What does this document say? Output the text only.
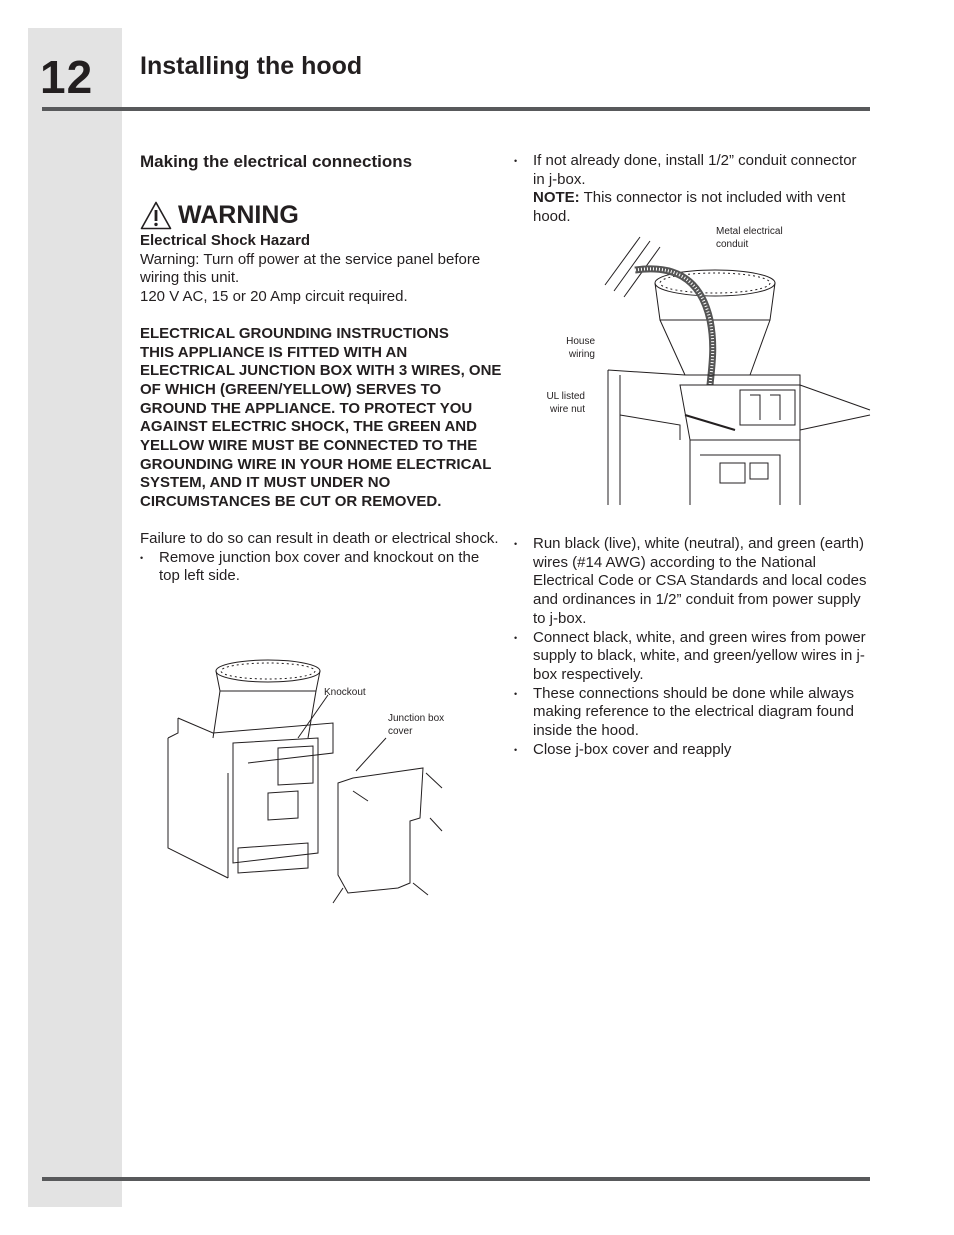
12 Installing the hood
Making the electrical connections
WARNING

Electrical Shock Hazard

Warning: Turn off power at the service panel before wiring this unit.

120 V AC, 15 or 20 Amp circuit required.

ELECTRICAL GROUNDING INSTRUCTIONS

THIS APPLIANCE IS FITTED WITH AN ELECTRICAL JUNCTION BOX WITH 3 WIRES, ONE OF WHICH (GREEN/YELLOW) SERVES TO GROUND THE APPLIANCE. TO PROTECT YOU AGAINST ELECTRIC SHOCK, THE GREEN AND YELLOW WIRE MUST BE CONNECTED TO THE GROUNDING WIRE IN YOUR HOME ELECTRICAL SYSTEM, AND IT MUST UNDER NO CIRCUMSTANCES BE CUT OR REMOVED.

Failure to do so can result in death or electrical shock.

• Remove junction box cover and knockout on the top left side.
• If not already done, install 1/2” conduit connector in j-box.
NOTE: This connector is not included with vent hood.
• Run black (live), white (neutral), and green (earth) wires (#14 AWG) according to the National Electrical Code or CSA Standards and local codes and ordinances in 1/2” conduit from power supply to j-box.
• Connect black, white, and green wires from power supply to black, white, and green/yellow wires in j-box respectively.
• These connections should be done while always making reference to the electrical diagram found inside the hood.
• Close j-box cover and reapply
Metal electrical conduit
House wiring
UL listed wire nut
Knockout
Junction box cover
